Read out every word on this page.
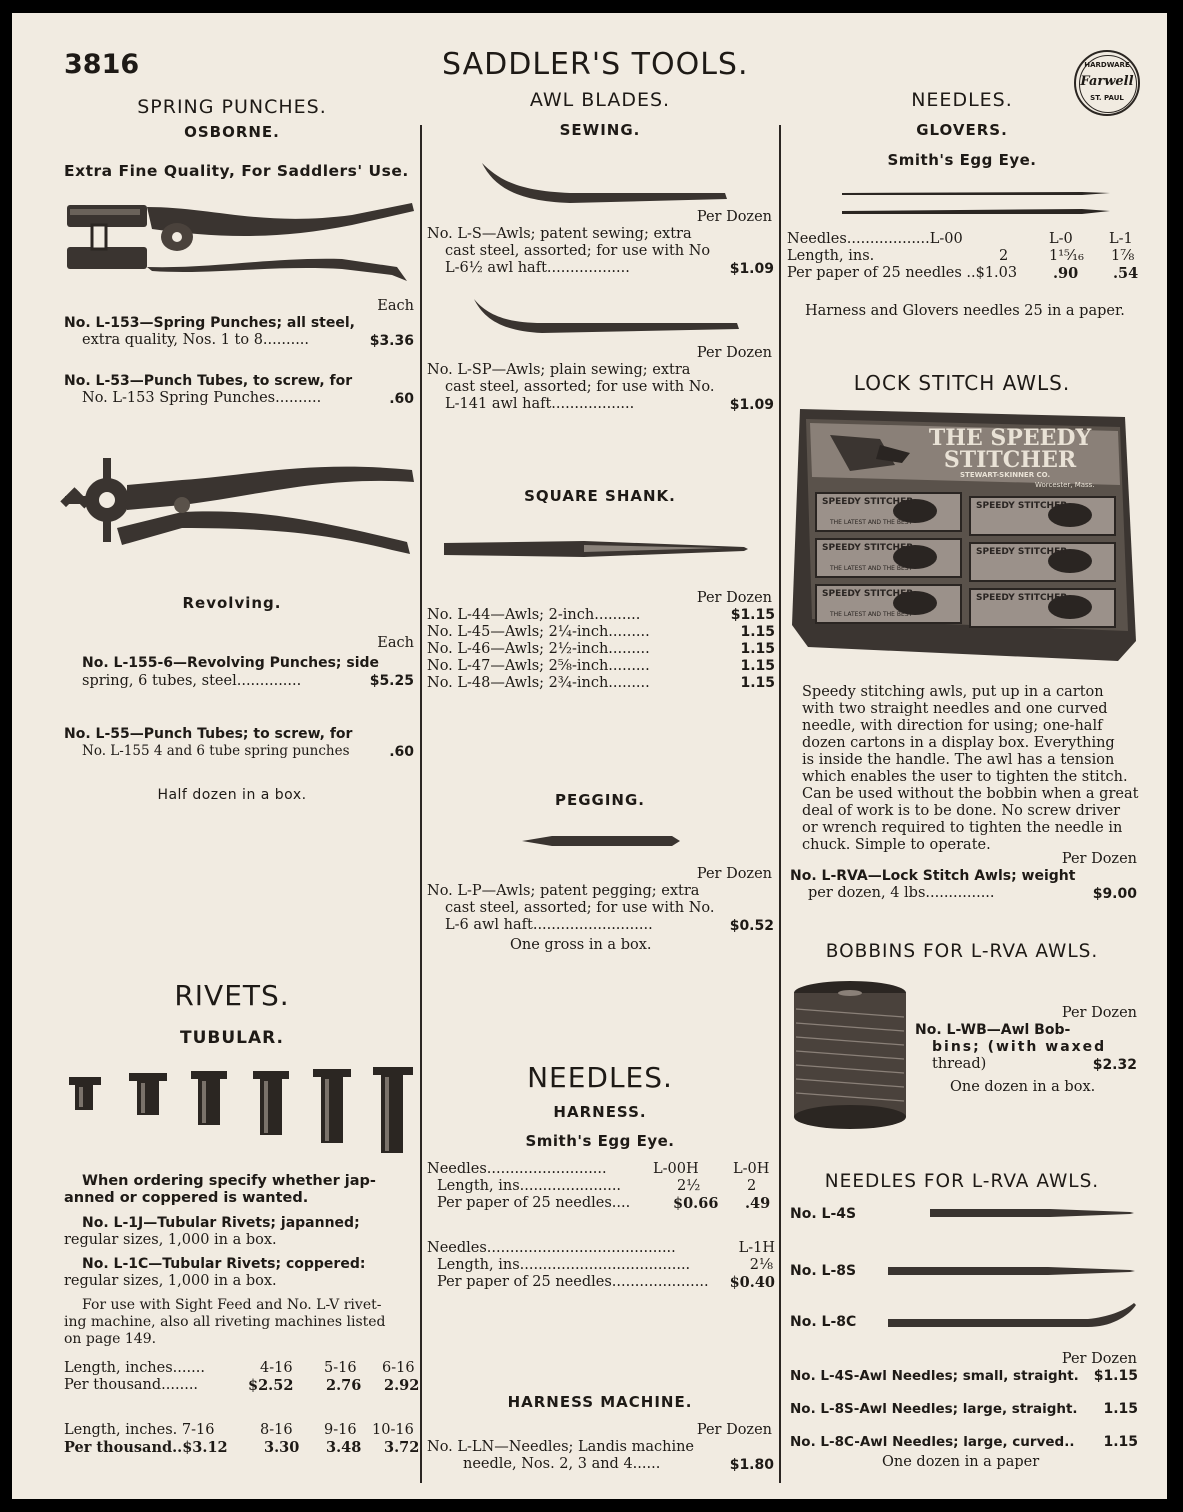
3816	SADDLER'S TOOLS.	HARDWARE
Farwell
ST. PAUL
SPRING PUNCHES.
OSBORNE.
Extra Fine Quality, For Saddlers' Use.
Each
No. L-153—Spring Punches; all steel,
extra quality, Nos. 1 to 8..........	$3.36
No. L-53—Punch Tubes, to screw, for
No. L-153 Spring Punches..........	.60
Revolving.
Each
No. L-155-6—Revolving Punches; side
spring, 6 tubes, steel..............	$5.25
No. L-55—Punch Tubes; to screw, for
No. L-155 4 and 6 tube spring punches	.60
Half dozen in a box.
RIVETS.
TUBULAR.
When ordering specify whether jap-
anned or coppered is wanted.
No. L-1J—Tubular Rivets; japanned;
regular sizes, 1,000 in a box.
No. L-1C—Tubular Rivets; coppered:
regular sizes, 1,000 in a box.
For use with Sight Feed and No. L-V rivet-
ing machine, also all riveting machines listed
on page 149.
Length, inches.......	4-16 5-16 6-16
Per thousand........	$2.52 2.76 2.92
Length, inches. 7-16	8-16 9-16 10-16
Per thousand..$3.12	3.30 3.48 3.72
AWL BLADES.
SEWING.
Per Dozen
No. L-S—Awls; patent sewing; extra
cast steel, assorted; for use with No
L-6½ awl haft..................	$1.09
Per Dozen
No. L-SP—Awls; plain sewing; extra
cast steel, assorted; for use with No.
L-141 awl haft..................	$1.09
SQUARE SHANK.
Per Dozen
No. L-44—Awls; 2-inch..........	$1.15
No. L-45—Awls; 2¼-inch.........	1.15
No. L-46—Awls; 2½-inch.........	1.15
No. L-47—Awls; 2⅝-inch.........	1.15
No. L-48—Awls; 2¾-inch.........	1.15
PEGGING.
Per Dozen
No. L-P—Awls; patent pegging; extra
cast steel, assorted; for use with No.
L-6 awl haft..........................	$0.52
One gross in a box.
NEEDLES.
HARNESS.
Smith's Egg Eye.
Needles..........................	L-00H L-0H
Length, ins......................	2½	2
Per paper of 25 needles....	$0.66 .49
Needles.........................................	L-1H
Length, ins.....................................	2⅛
Per paper of 25 needles..................... $0.40
HARNESS MACHINE.
Per Dozen
No. L-LN—Needles; Landis machine
needle, Nos. 2, 3 and 4......	$1.80
NEEDLES.
GLOVERS.
Smith's Egg Eye.
Needles..................L-00	L-0 L-1
Length, ins.	2	1¹⁵⁄₁₆ 1⅞
Per paper of 25 needles ..$1.03 .90 .54
Harness and Glovers needles 25 in a paper.
LOCK STITCH AWLS.
THE SPEEDY STITCHER
STEWART-SKINNER CO.
Worcester, Mass.
SPEEDY STITCHER	SPEEDY STITCHER
SPEEDY STITCHER	SPEEDY STITCHER
SPEEDY STITCHER	SPEEDY STITCHER
THE LATEST AND THE BEST
THE LATEST AND THE BEST
THE LATEST AND THE BEST
Speedy stitching awls, put up in a carton
with two straight needles and one curved
needle, with direction for using; one-half
dozen cartons in a display box. Everything
is inside the handle. The awl has a tension
which enables the user to tighten the stitch.
Can be used without the bobbin when a great
deal of work is to be done. No screw driver
or wrench required to tighten the needle in
chuck. Simple to operate.
Per Dozen
No. L-RVA—Lock Stitch Awls; weight
per dozen, 4 lbs...............	$9.00
BOBBINS FOR L-RVA AWLS.
Per Dozen
No. L-WB—Awl Bob-
bins; (with waxed
thread)	$2.32
One dozen in a box.
NEEDLES FOR L-RVA AWLS.
No. L-4S
No. L-8S
No. L-8C
Per Dozen
No. L-4S-Awl Needles; small, straight. $1.15
No. L-8S-Awl Needles; large, straight. 1.15
No. L-8C-Awl Needles; large, curved.. 1.15
One dozen in a paper
